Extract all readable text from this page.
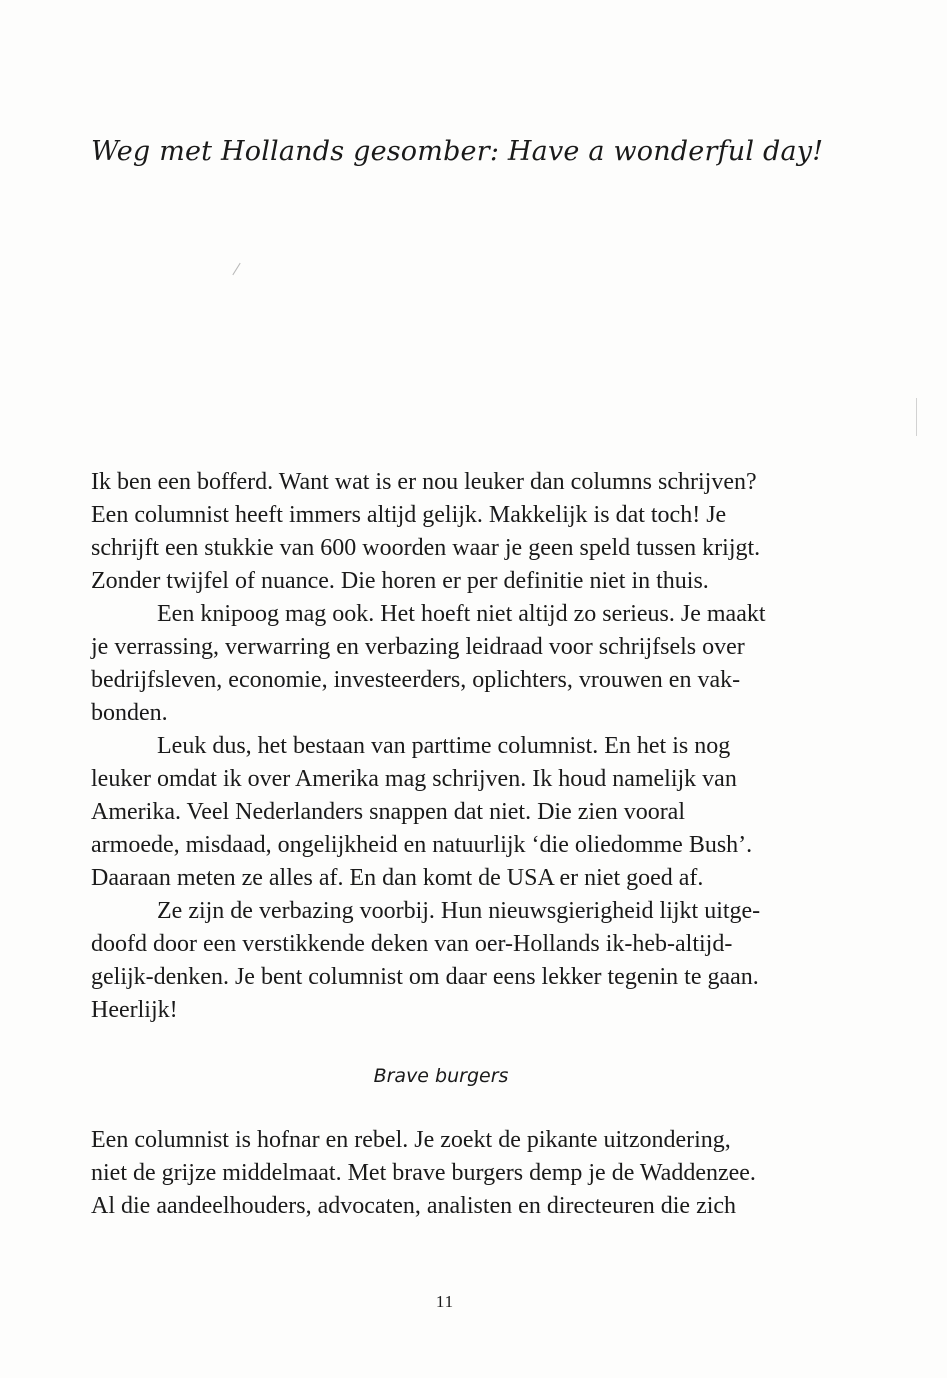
Weg met Hollands gesomber: Have a wonderful day!

Ik ben een bofferd. Want wat is er nou leuker dan columns schrijven?
Een columnist heeft immers altijd gelijk. Makkelijk is dat toch! Je
schrijft een stukkie van 600 woorden waar je geen speld tussen krijgt.
Zonder twijfel of nuance. Die horen er per definitie niet in thuis.

Een knipoog mag ook. Het hoeft niet altijd zo serieus. Je maakt
je verrassing, verwarring en verbazing leidraad voor schrijfsels over
bedrijfsleven, economie, investeerders, oplichters, vrouwen en vak-
bonden.

Leuk dus, het bestaan van parttime columnist. En het is nog
leuker omdat ik over Amerika mag schrijven. Ik houd namelijk van
Amerika. Veel Nederlanders snappen dat niet. Die zien vooral
armoede, misdaad, ongelijkheid en natuurlijk ‘die oliedomme Bush’.
Daaraan meten ze alles af. En dan komt de USA er niet goed af.

Ze zijn de verbazing voorbij. Hun nieuwsgierigheid lijkt uitge-
doofd door een verstikkende deken van oer-Hollands ik-heb-altijd-
gelijk-denken. Je bent columnist om daar eens lekker tegenin te gaan.
Heerlijk!

Brave burgers

Een columnist is hofnar en rebel. Je zoekt de pikante uitzondering,
niet de grijze middelmaat. Met brave burgers demp je de Waddenzee.
Al die aandeelhouders, advocaten, analisten en directeuren die zich

11
